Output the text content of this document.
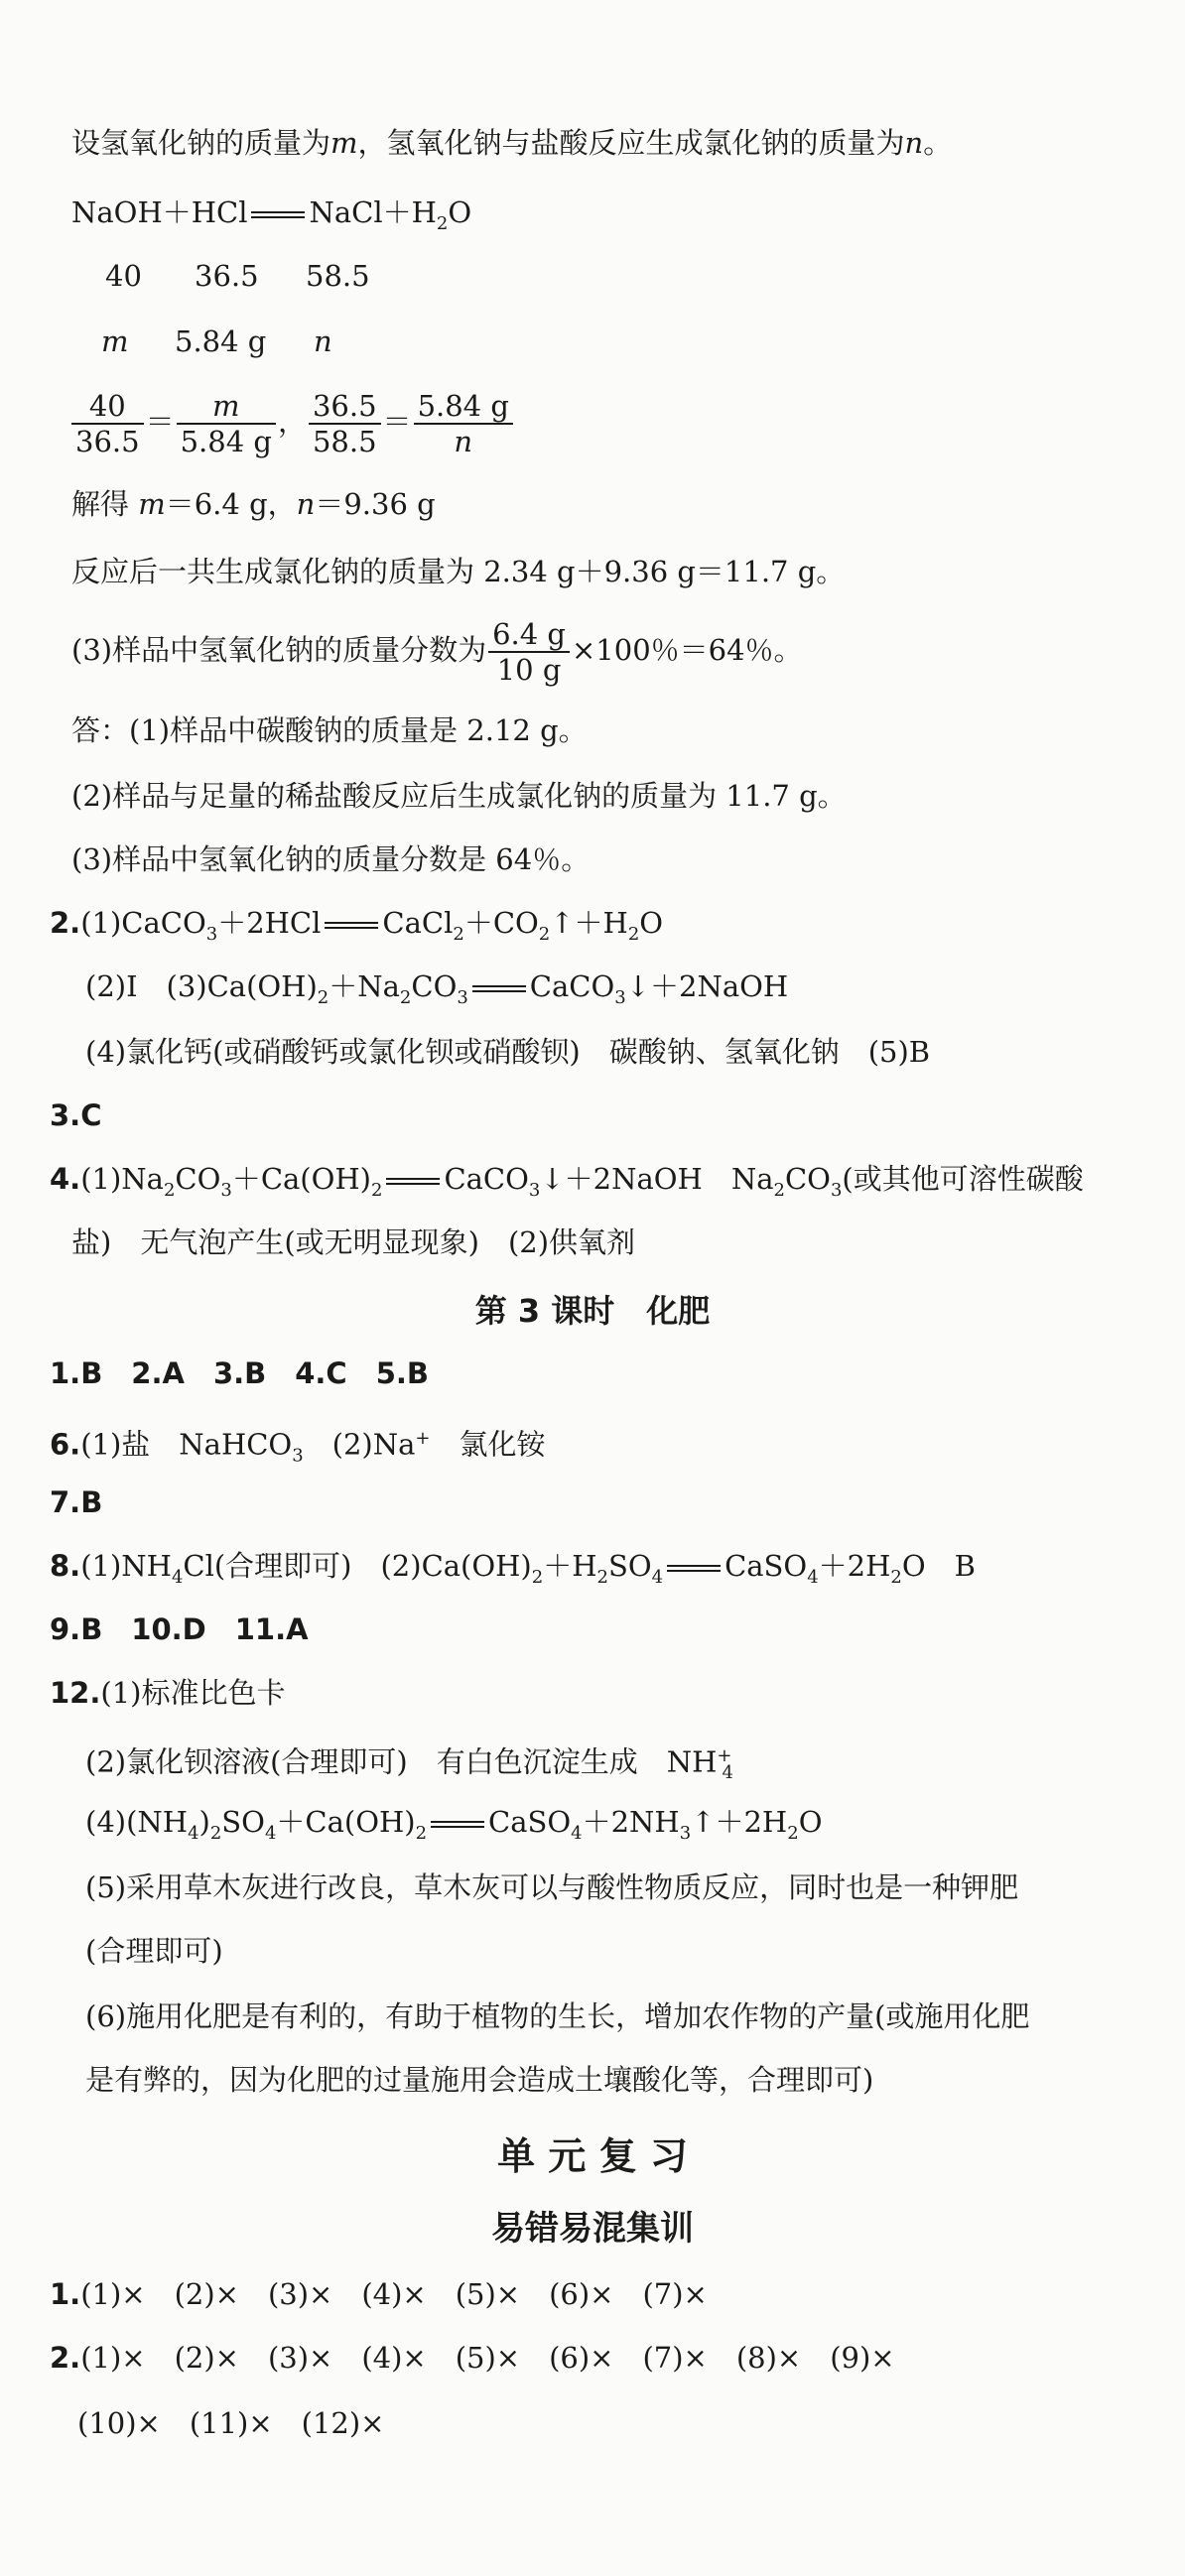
设氢氧化钠的质量为m，氢氧化钠与盐酸反应生成氯化钠的质量为n。
NaOH＋HCl $NaCl+H_2O$
40 36.5 58.5
m 5.84 g n
$\frac{40}{36.5} = \frac{m}{5.84 g}$ ， $\frac{36.5}{58.5} = \frac{5.84 g}{n}$
解得 m＝6.4 g，n＝9.36 g
反应后一共生成氯化钠的质量为 2.34 g＋9.36 g＝11.7 g。
(3)样品中氢氧化钠的质量分数为 $\frac{6.4 g}{10 g} \times 100$％＝64％。
答：(1)样品中碳酸钠的质量是 2.12 g。
(2)样品与足量的稀盐酸反应后生成氯化钠的质量为 11.7 g。
(3)样品中氢氧化钠的质量分数是 64％。
2.(1)CaCO$_3$＋2HCl $CaCl_2+CO_2↑+H_2O$
(2)Ⅰ　$(3)Ca(OH)_2+Na_2CO_3$ CaCO$_3$↓＋2NaOH
(4)氯化钙(或硝酸钙或氯化钡或硝酸钡)　碳酸钠、氢氧化钠　(5)B
3.C
$4.(1)Na_2CO_3+Ca(OH)_2$ CaCO$_3$↓＋2NaOH　$Na_2CO_3$(或其他可溶性碳酸
盐)　无气泡产生(或无明显现象)　(2)供氧剂
第 3 课时　化肥
1.B　2.A　3.B　4.C　5.B
6.(1)盐　NaHCO$_3$　(2)Na+　氯化铵
7.B
$8.(1)NH_4Cl$(合理即可)　$(2)Ca(OH)_2+H_2SO_4$ $CaSO_4+2H_2O$　B
9.B　10.D　11.A
12.(1)标准比色卡
(2)氯化钡溶液(合理即可)　有白色沉淀生成　$NH^+_4$
$(4)(NH_4)_2SO_4+Ca(OH)_2$ $CaSO_4+2NH_3↑+2H_2O$
(5)采用草木灰进行改良，草木灰可以与酸性物质反应，同时也是一种钾肥
(合理即可)
(6)施用化肥是有利的，有助于植物的生长，增加农作物的产量(或施用化肥
是有弊的，因为化肥的过量施用会造成土壤酸化等，合理即可)
单 元 复 习
易错易混集训
1.(1)×　(2)×　(3)×　(4)×　(5)×　(6)×　(7)×
2.(1)×　(2)×　(3)×　(4)×　(5)×　(6)×　(7)×　(8)×　(9)×
(10)×　(11)×　(12)×
